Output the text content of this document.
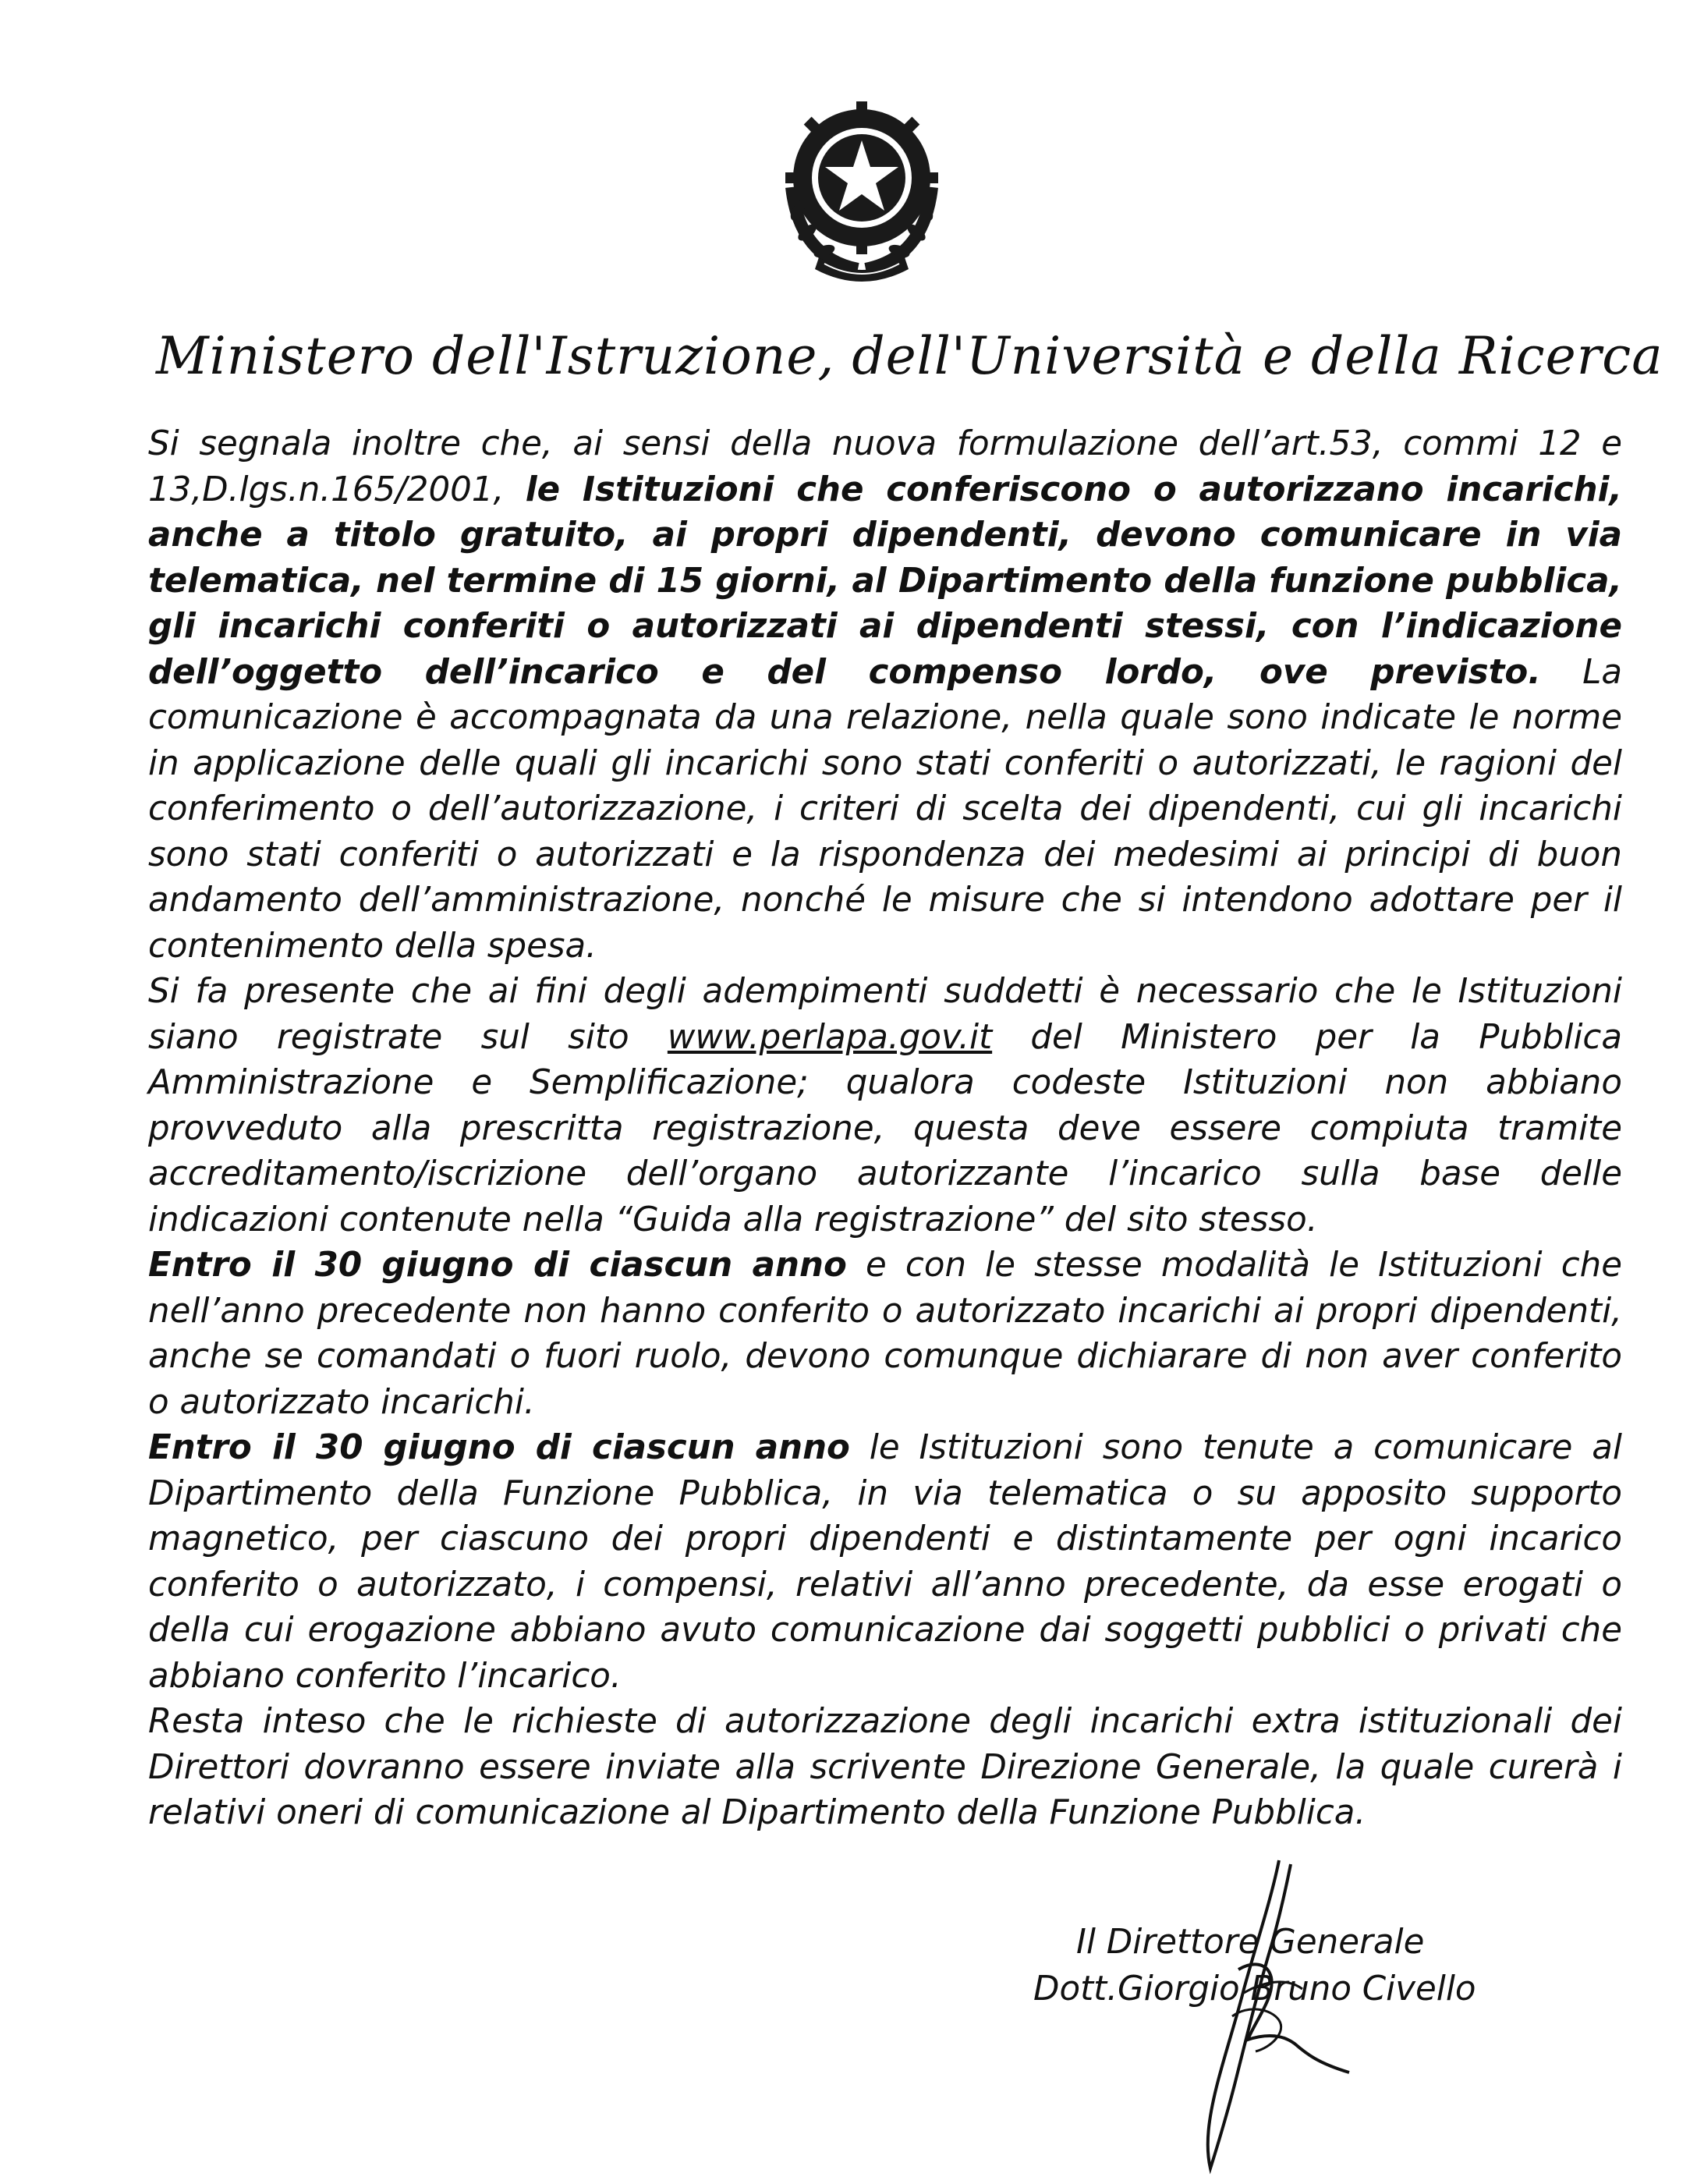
Ministero dell'Istruzione, dell'Università e della Ricerca

Si segnala inoltre che, ai sensi della nuova formulazione dell’art.53, commi 12 e 13,D.lgs.n.165/2001, le Istituzioni che conferiscono o autorizzano incarichi, anche a titolo gratuito, ai propri dipendenti, devono comunicare in via telematica, nel termine di 15 giorni, al Dipartimento della funzione pubblica, gli incarichi conferiti o autorizzati ai dipendenti stessi, con l’indicazione dell’oggetto dell’incarico e del compenso lordo, ove previsto. La comunicazione è accompagnata da una relazione, nella quale sono indicate le norme in applicazione delle quali gli incarichi sono stati conferiti o autorizzati, le ragioni del conferimento o dell’autorizzazione, i criteri di scelta dei dipendenti, cui gli incarichi sono stati conferiti o autorizzati e la rispondenza dei medesimi ai principi di buon andamento dell’amministrazione, nonché le misure che si intendono adottare per il contenimento della spesa.

Si fa presente che ai fini degli adempimenti suddetti è necessario che le Istituzioni siano registrate sul sito www.perlapa.gov.it del Ministero per la Pubblica Amministrazione e Semplificazione; qualora codeste Istituzioni non abbiano provveduto alla prescritta registrazione, questa deve essere compiuta tramite accreditamento/iscrizione dell’organo autorizzante l’incarico sulla base delle indicazioni contenute nella “Guida alla registrazione” del sito stesso.

Entro il 30 giugno di ciascun anno e con le stesse modalità le Istituzioni che nell’anno precedente non hanno conferito o autorizzato incarichi ai propri dipendenti, anche se comandati o fuori ruolo, devono comunque dichiarare di non aver conferito o autorizzato incarichi.

Entro il 30 giugno di ciascun anno le Istituzioni sono tenute a comunicare al Dipartimento della Funzione Pubblica, in via telematica o su apposito supporto magnetico, per ciascuno dei propri dipendenti e distintamente per ogni incarico conferito o autorizzato, i compensi, relativi all’anno precedente, da esse erogati o della cui erogazione abbiano avuto comunicazione dai soggetti pubblici o privati che abbiano conferito l’incarico.

Resta inteso che le richieste di autorizzazione degli incarichi extra istituzionali dei Direttori dovranno essere inviate alla scrivente Direzione Generale, la quale curerà i relativi oneri di comunicazione al Dipartimento della Funzione Pubblica.

Il Direttore Generale
Dott.Giorgio Bruno Civello
